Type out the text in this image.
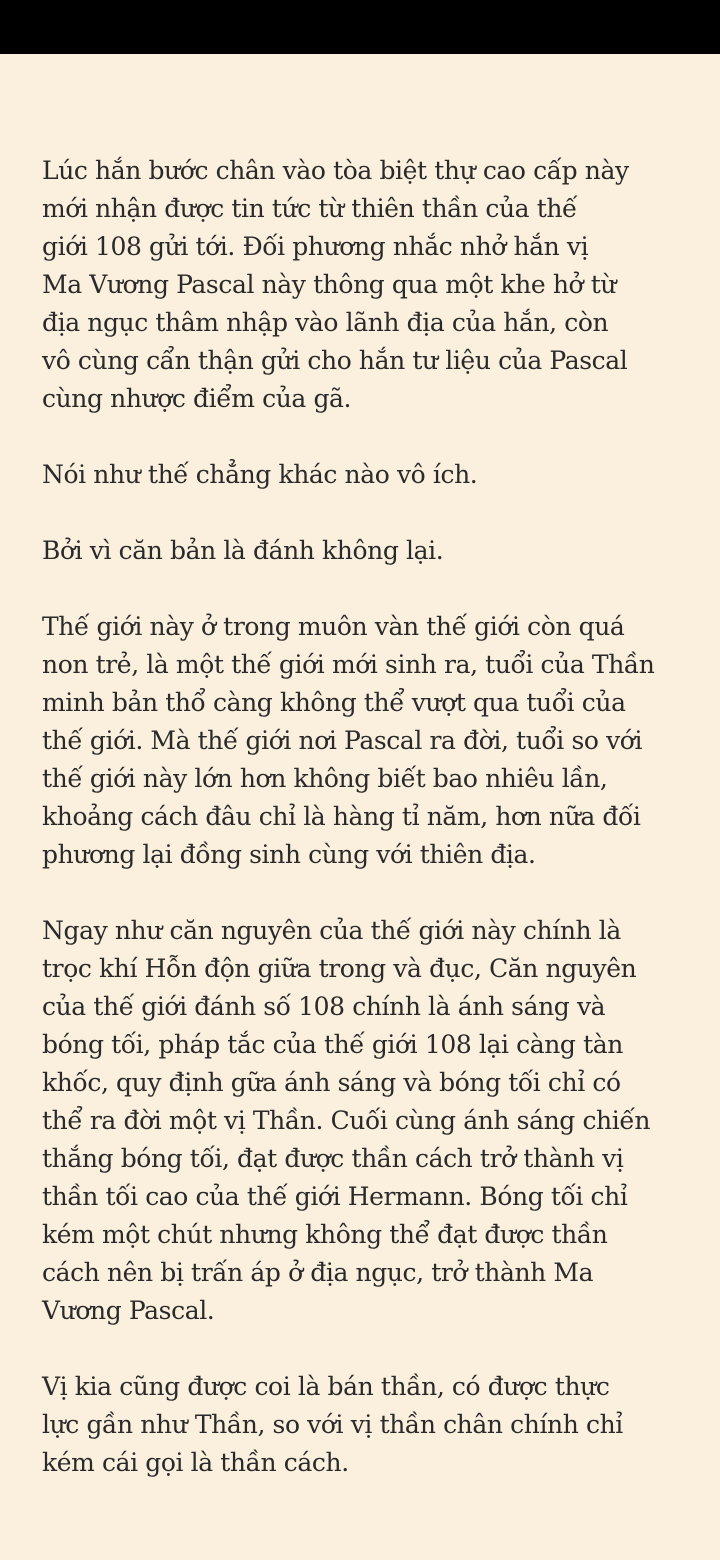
Lúc hắn bước chân vào tòa biệt thự cao cấp này
mới nhận được tin tức từ thiên thần của thế
giới 108 gửi tới. Đối phương nhắc nhở hắn vị
Ma Vương Pascal này thông qua một khe hở từ
địa ngục thâm nhập vào lãnh địa của hắn, còn
vô cùng cẩn thận gửi cho hắn tư liệu của Pascal
cùng nhược điểm của gã.

Nói như thế chẳng khác nào vô ích.

Bởi vì căn bản là đánh không lại.

Thế giới này ở trong muôn vàn thế giới còn quá
non trẻ, là một thế giới mới sinh ra, tuổi của Thần
minh bản thổ càng không thể vượt qua tuổi của
thế giới. Mà thế giới nơi Pascal ra đời, tuổi so với
thế giới này lớn hơn không biết bao nhiêu lần,
khoảng cách đâu chỉ là hàng tỉ năm, hơn nữa đối
phương lại đồng sinh cùng với thiên địa.

Ngay như căn nguyên của thế giới này chính là
trọc khí Hỗn độn giữa trong và đục, Căn nguyên
của thế giới đánh số 108 chính là ánh sáng và
bóng tối, pháp tắc của thế giới 108 lại càng tàn
khốc, quy định gữa ánh sáng và bóng tối chỉ có
thể ra đời một vị Thần. Cuối cùng ánh sáng chiến
thắng bóng tối, đạt được thần cách trở thành vị
thần tối cao của thế giới Hermann. Bóng tối chỉ
kém một chút nhưng không thể đạt được thần
cách nên bị trấn áp ở địa ngục, trở thành Ma
Vương Pascal.

Vị kia cũng được coi là bán thần, có được thực
lực gần như Thần, so với vị thần chân chính chỉ
kém cái gọi là thần cách.
